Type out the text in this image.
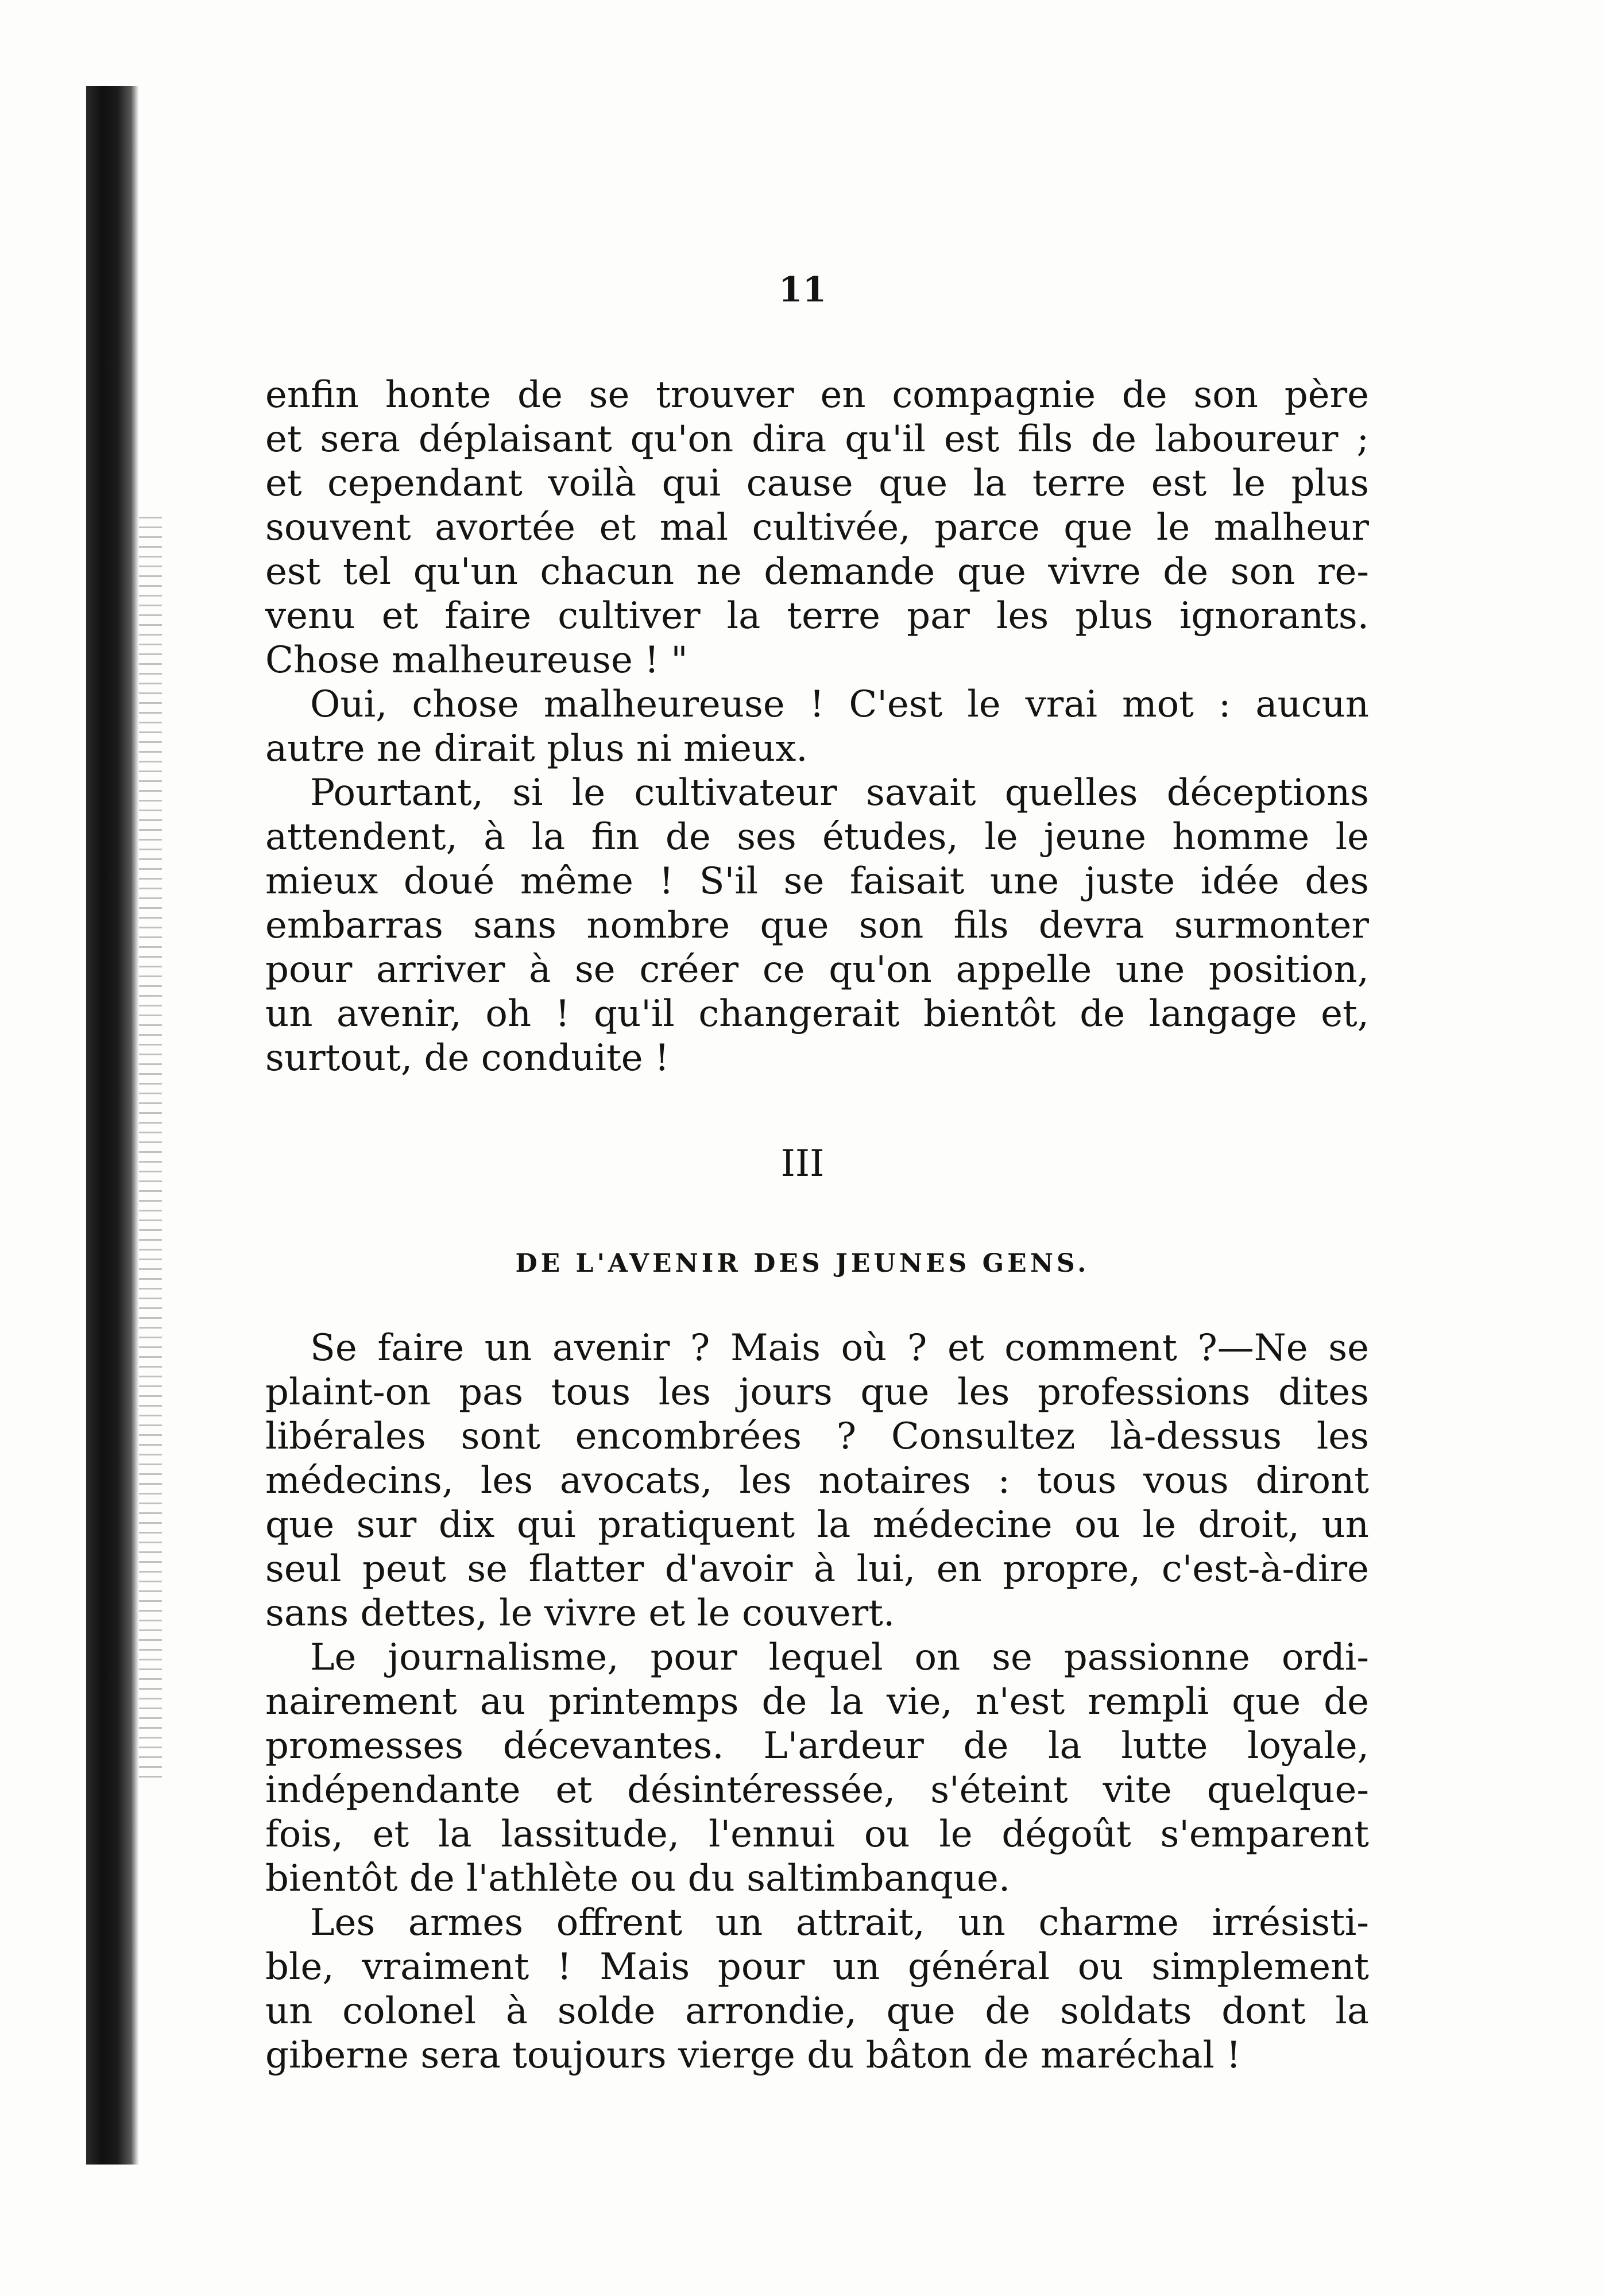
11

enfin honte de se trouver en compagnie de son père
et sera déplaisant qu'on dira qu'il est fils de laboureur ;
et cependant voilà qui cause que la terre est le plus
souvent avortée et mal cultivée, parce que le malheur
est tel qu'un chacun ne demande que vivre de son re-
venu et faire cultiver la terre par les plus ignorants.
Chose malheureuse ! "

Oui, chose malheureuse ! C'est le vrai mot : aucun
autre ne dirait plus ni mieux.

Pourtant, si le cultivateur savait quelles déceptions
attendent, à la fin de ses études, le jeune homme le
mieux doué même ! S'il se faisait une juste idée des
embarras sans nombre que son fils devra surmonter
pour arriver à se créer ce qu'on appelle une position,
un avenir, oh ! qu'il changerait bientôt de langage et,
surtout, de conduite !

III
DE L'AVENIR DES JEUNES GENS.

Se faire un avenir ? Mais où ? et comment ?—Ne se
plaint-on pas tous les jours que les professions dites
libérales sont encombrées ? Consultez là-dessus les
médecins, les avocats, les notaires : tous vous diront
que sur dix qui pratiquent la médecine ou le droit, un
seul peut se flatter d'avoir à lui, en propre, c'est-à-dire
sans dettes, le vivre et le couvert.

Le journalisme, pour lequel on se passionne ordi-
nairement au printemps de la vie, n'est rempli que de
promesses décevantes. L'ardeur de la lutte loyale,
indépendante et désintéressée, s'éteint vite quelque-
fois, et la lassitude, l'ennui ou le dégoût s'emparent
bientôt de l'athlète ou du saltimbanque.

Les armes offrent un attrait, un charme irrésisti-
ble, vraiment ! Mais pour un général ou simplement
un colonel à solde arrondie, que de soldats dont la
giberne sera toujours vierge du bâton de maréchal !
